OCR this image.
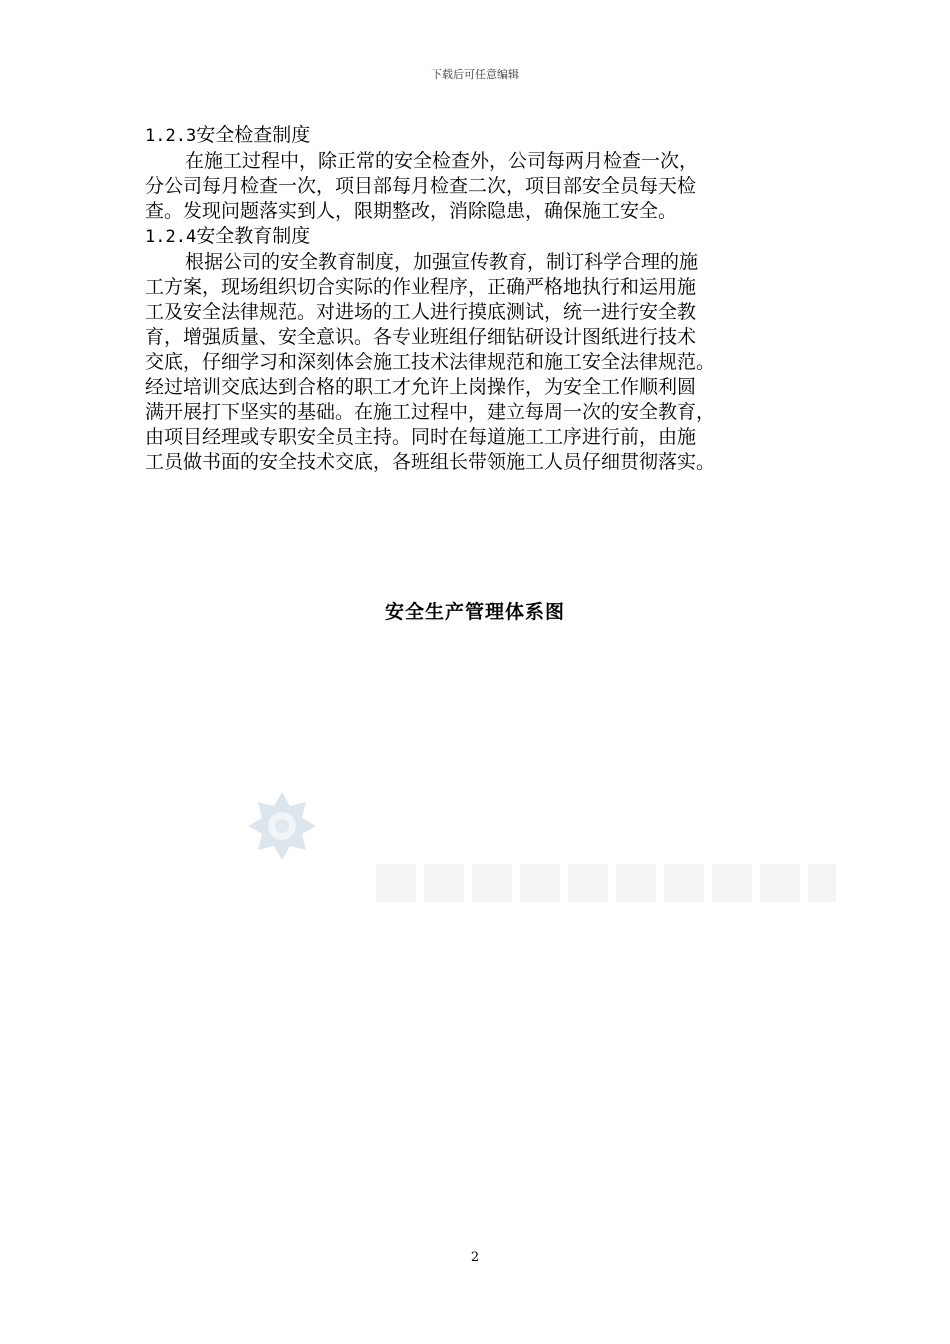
下载后可任意编辑

1.2.3安全检查制度

在施工过程中，除正常的安全检查外，公司每两月检查一次，
分公司每月检查一次，项目部每月检查二次，项目部安全员每天检
查。发现问题落实到人，限期整改，消除隐患，确保施工安全。

1.2.4安全教育制度

根据公司的安全教育制度，加强宣传教育，制订科学合理的施
工方案，现场组织切合实际的作业程序，正确严格地执行和运用施
工及安全法律规范。对进场的工人进行摸底测试，统一进行安全教
育，增强质量、安全意识。各专业班组仔细钻研设计图纸进行技术
交底，仔细学习和深刻体会施工技术法律规范和施工安全法律规范。
经过培训交底达到合格的职工才允许上岗操作，为安全工作顺利圆
满开展打下坚实的基础。在施工过程中，建立每周一次的安全教育，
由项目经理或专职安全员主持。同时在每道施工工序进行前，由施
工员做书面的安全技术交底，各班组长带领施工人员仔细贯彻落实。

安全生产管理体系图
2
